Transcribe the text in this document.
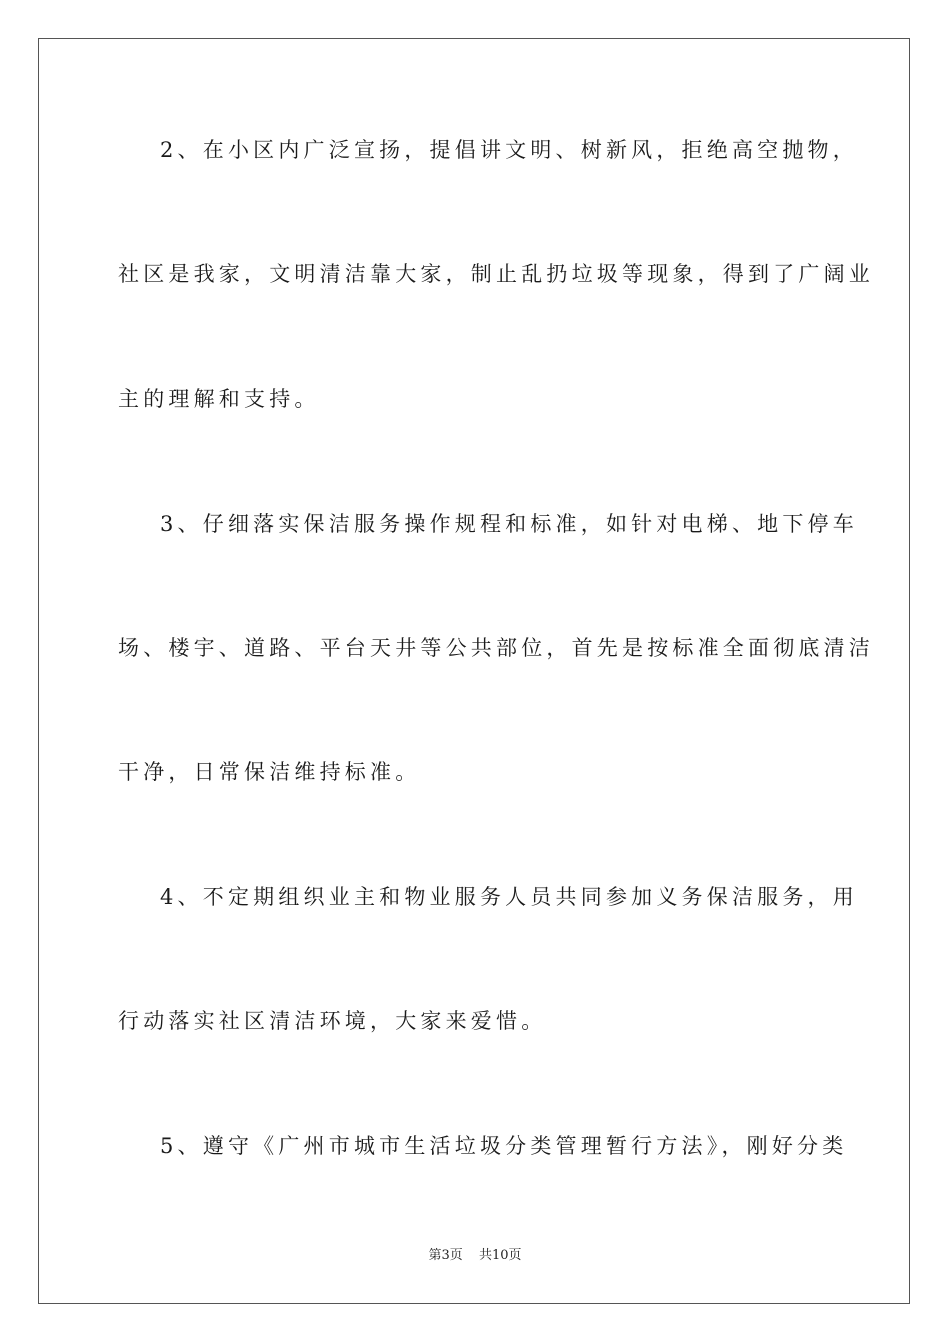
2、在小区内广泛宣扬，提倡讲文明、树新风，拒绝高空抛物，
社区是我家，文明清洁靠大家，制止乱扔垃圾等现象，得到了广阔业
主的理解和支持。
3、仔细落实保洁服务操作规程和标准，如针对电梯、地下停车
场、楼宇、道路、平台天井等公共部位，首先是按标准全面彻底清洁
干净，日常保洁维持标准。
4、不定期组织业主和物业服务人员共同参加义务保洁服务，用
行动落实社区清洁环境，大家来爱惜。
5、遵守《广州市城市生活垃圾分类管理暂行方法》，刚好分类
第3页 共10页
